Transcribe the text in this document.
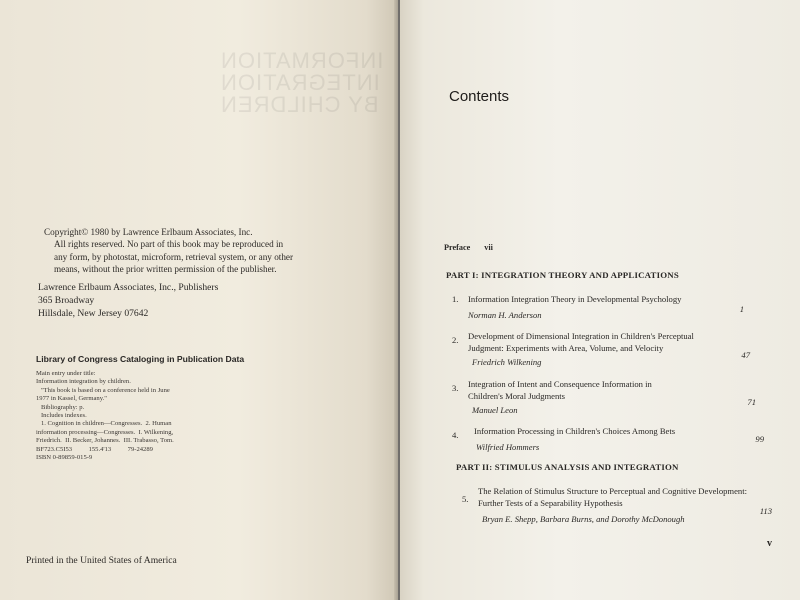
INFORMATION
INTEGRATION
BY CHILDREN
Copyright© 1980 by Lawrence Erlbaum Associates, Inc.
All rights reserved. No part of this book may be reproduced in
any form, by photostat, microform, retrieval system, or any other
means, without the prior written permission of the publisher.
Lawrence Erlbaum Associates, Inc., Publishers
365 Broadway
Hillsdale, New Jersey 07642
Library of Congress Cataloging in Publication Data
Main entry under title:
Information integration by children.
"This book is based on a conference held in June
1977 in Kassel, Germany."
Bibliography: p.
Includes indexes.
1. Cognition in children—Congresses.  2. Human
information processing—Congresses.  I. Wilkening,
Friedrich.  II. Becker, Johannes.  III. Trabasso, Tom.
BF723.C5I53          155.4'13          79-24289
ISBN 0-89859-015-9
Printed in the United States of America
Contents
Preface vii
PART I: INTEGRATION THEORY AND APPLICATIONS
1. Information Integration Theory in Developmental Psychology
Norman H. Anderson
1
2. Development of Dimensional Integration in Children's Perceptual Judgment: Experiments with Area, Volume, and Velocity
Friedrich Wilkening
47
3. Integration of Intent and Consequence Information in Children's Moral Judgments
Manuel Leon
71
4. Information Processing in Children's Choices Among Bets
Wilfried Hommers
99
PART II: STIMULUS ANALYSIS AND INTEGRATION
5.
The Relation of Stimulus Structure to Perceptual and Cognitive Development: Further Tests of a Separability Hypothesis
Bryan E. Shepp, Barbara Burns, and Dorothy McDonough
113
v
